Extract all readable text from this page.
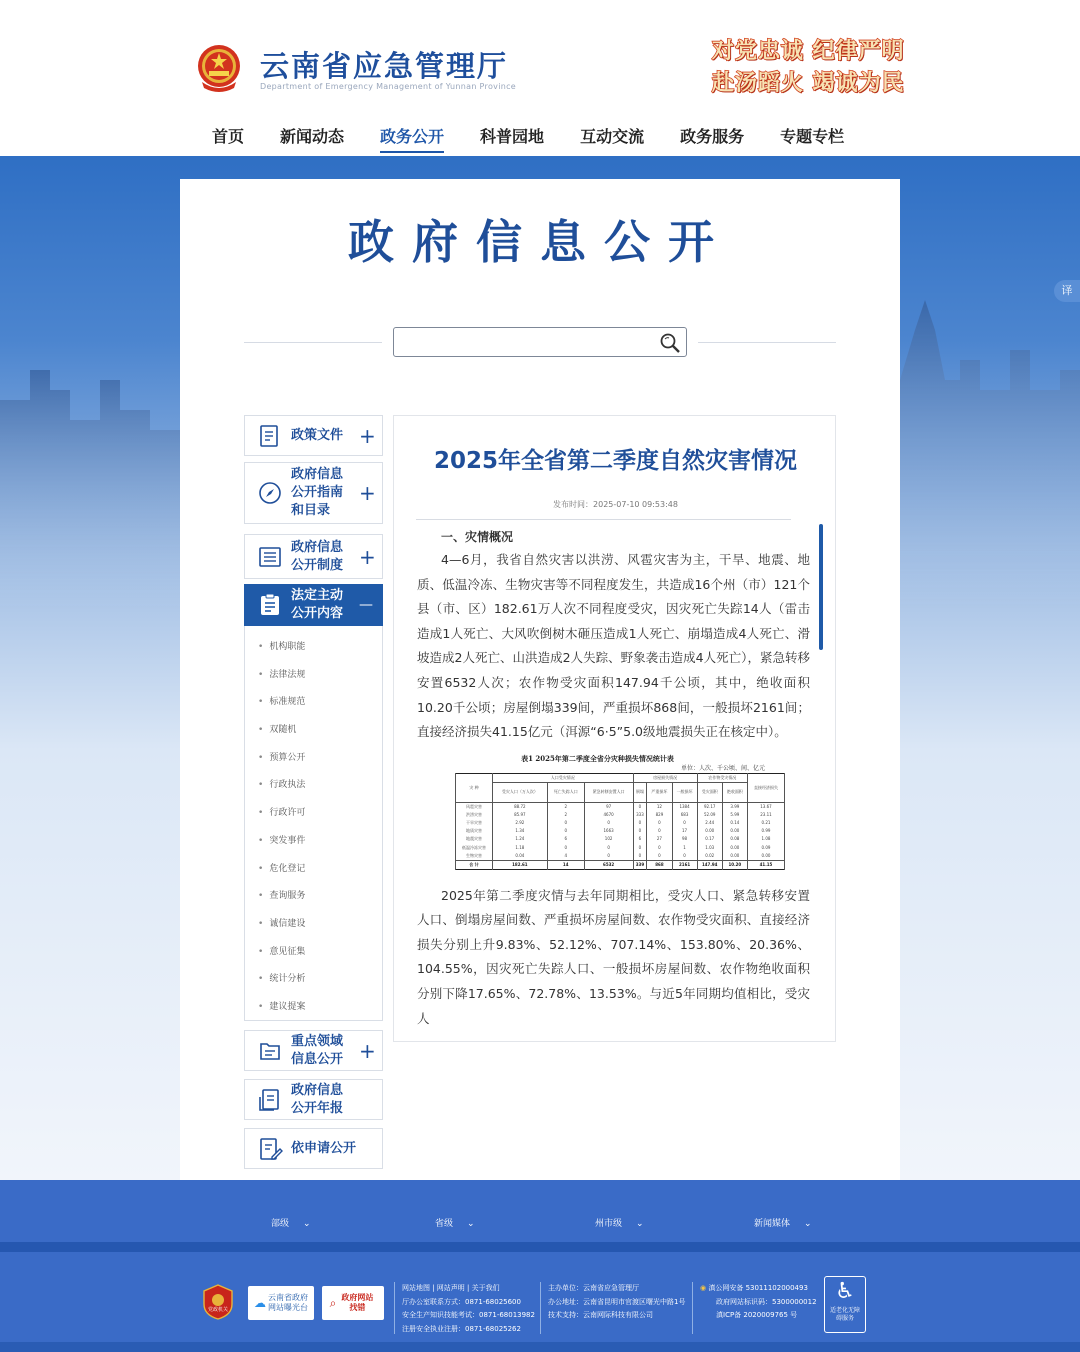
云南省应急管理厅
Department of Emergency Management of Yunnan Province
对党忠诚 纪律严明
赴汤蹈火 竭诚为民
首页 新闻动态 政务公开 科普园地 互动交流 政务服务 专题专栏
译
政府信息公开
政策文件 +
政府信息公开指南和目录
+
政府信息公开制度 +
法定主动公开内容
—
• 机构职能
• 法律法规
• 标准规范
• 双随机
• 预算公开
• 行政执法
• 行政许可
• 突发事件
• 危化登记
• 查询服务
• 诚信建设
• 意见征集
• 统计分析
• 建议提案
重点领域信息公开 +
政府信息公开年报
依申请公开
2025年全省第二季度自然灾害情况
发布时间：2025-07-10 09:53:48
一、灾情概况

4—6月，我省自然灾害以洪涝、风雹灾害为主，干旱、地震、地质、低温冷冻、生物灾害等不同程度发生，共造成16个州（市）121个县（市、区）182.61万人次不同程度受灾，因灾死亡失踪14人（雷击造成1人死亡、大风吹倒树木砸压造成1人死亡、崩塌造成4人死亡、滑坡造成2人死亡、山洪造成2人失踪、野象袭击造成4人死亡），紧急转移安置6532人次；农作物受灾面积147.94千公顷，其中，绝收面积10.20千公顷；房屋倒塌339间，严重损坏868间，一般损坏2161间；直接经济损失41.15亿元（洱源“6·5”5.0级地震损失正在核定中）。

表1 2025年第二季度全省分灾种损失情况统计表
单位：人次、千公顷、间、亿元
灾 种	人口受灾情况			房屋损失情况			农作物受灾情况		直接经济损失
	受灾人口（万人次）	死亡失踪人口	紧急转移安置人口	倒塌	严重损坏	一般损坏	受灾面积	绝收面积	
风雹灾害	88.72	2	97	0	12	1384	92.17	3.99	13.67
洪涝灾害	85.97	2	4670	333	829	683	52.09	5.99	23.11
干旱灾害	2.92	0	0	0	0	0	2.44	0.14	0.21
地质灾害	1.34	0	1663	0	0	17	0.00	0.00	0.99
地震灾害	1.24	6	102	6	27	98	0.17	0.08	1.08
低温冷冻灾害	1.18	0	0	0	0	1	1.03	0.00	0.09
生物灾害	0.04	4	0	0	0	0	0.02	0.00	0.00
合 计	182.61	14	6532	339	868	2161	147.94	10.20	41.15

2025年第二季度灾情与去年同期相比，受灾人口、紧急转移安置人口、倒塌房屋间数、严重损坏房屋间数、农作物受灾面积、直接经济损失分别上升9.83%、52.12%、707.14%、153.80%、20.36%、104.55%，因灾死亡失踪人口、一般损坏房屋间数、农作物绝收面积分别下降17.65%、72.78%、13.53%。与近5年同期均值相比，受灾人

部级 ⌄	省级 ⌄	州市级 ⌄	新闻媒体 ⌄
党政机关	☁ 云南省政府网站曝光台 ⌕ 政府网站找错
网站地图 | 网站声明 | 关于我们
厅办公室联系方式：0871-68025600
安全生产知识技能考试：0871-68013982
注册安全执业注册：0871-68025262
主办单位：云南省应急管理厅
办公地址：云南省昆明市官渡区曙光中路1号
技术支持：云南网际科技有限公司
◉ 滇公网安备 53011102000493
政府网站标识码：5300000012
滇ICP备 2020009765 号
♿
适老化无障碍服务
